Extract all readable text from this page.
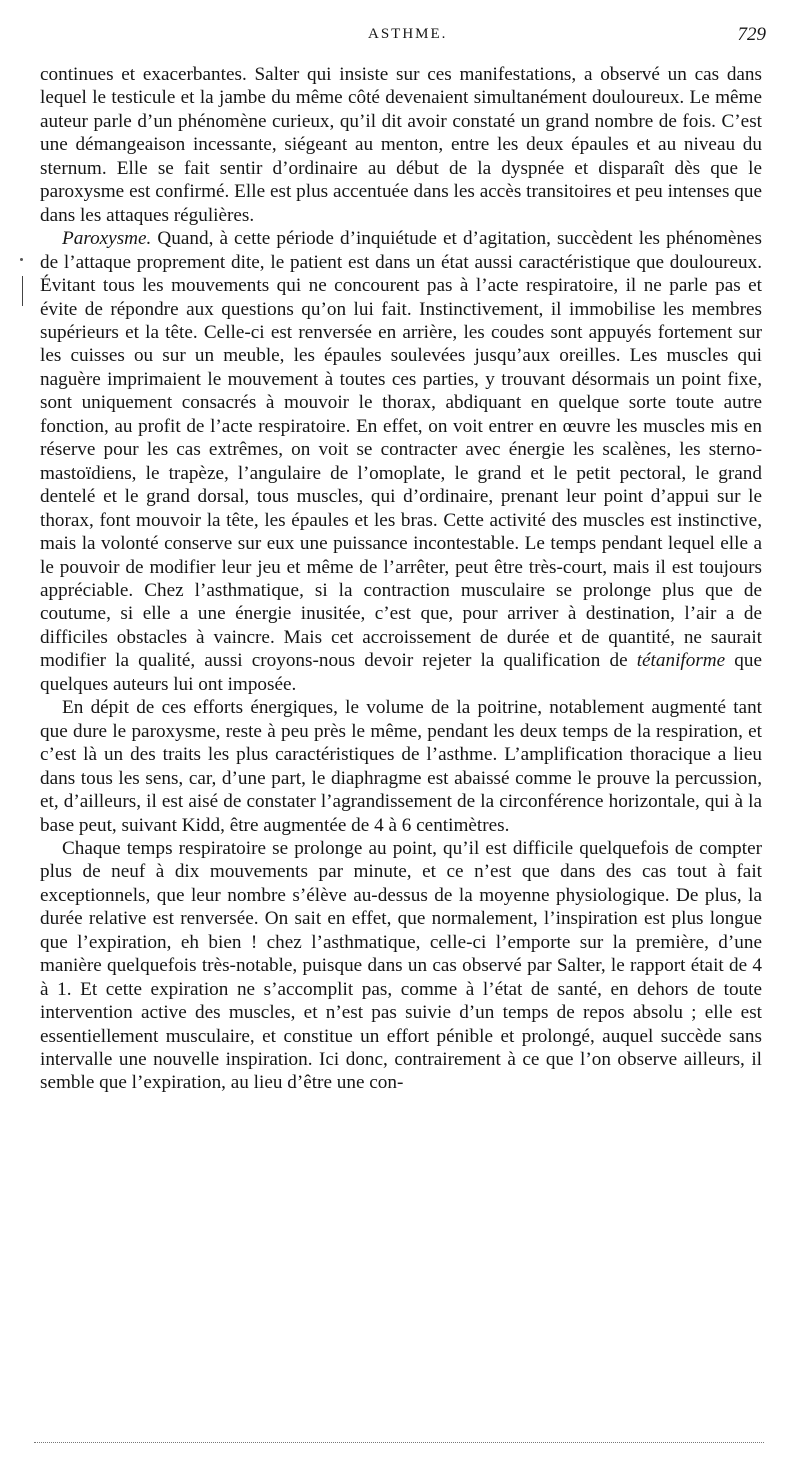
ASTHME.	729

continues et exacerbantes. Salter qui insiste sur ces manifestations, a observé un cas dans lequel le testicule et la jambe du même côté devenaient simultanément douloureux. Le même auteur parle d’un phénomène curieux, qu’il dit avoir constaté un grand nombre de fois. C’est une démangeaison incessante, siégeant au menton, entre les deux épaules et au niveau du sternum. Elle se fait sentir d’ordinaire au début de la dyspnée et disparaît dès que le paroxysme est confirmé. Elle est plus accentuée dans les accès transitoires et peu intenses que dans les attaques régulières.

Paroxysme. Quand, à cette période d’inquiétude et d’agitation, succèdent les phénomènes de l’attaque proprement dite, le patient est dans un état aussi caractéristique que douloureux. Évitant tous les mouvements qui ne concourent pas à l’acte respiratoire, il ne parle pas et évite de répondre aux questions qu’on lui fait. Instinctivement, il immobilise les membres supérieurs et la tête. Celle-ci est renversée en arrière, les coudes sont appuyés fortement sur les cuisses ou sur un meuble, les épaules soulevées jusqu’aux oreilles. Les muscles qui naguère imprimaient le mouvement à toutes ces parties, y trouvant désormais un point fixe, sont uniquement consacrés à mouvoir le thorax, abdiquant en quelque sorte toute autre fonction, au profit de l’acte respiratoire. En effet, on voit entrer en œuvre les muscles mis en réserve pour les cas extrêmes, on voit se contracter avec énergie les scalènes, les sterno-mastoïdiens, le trapèze, l’angulaire de l’omoplate, le grand et le petit pectoral, le grand dentelé et le grand dorsal, tous muscles, qui d’ordinaire, prenant leur point d’appui sur le thorax, font mouvoir la tête, les épaules et les bras. Cette activité des muscles est instinctive, mais la volonté conserve sur eux une puissance incontestable. Le temps pendant lequel elle a le pouvoir de modifier leur jeu et même de l’arrêter, peut être très-court, mais il est toujours appréciable. Chez l’asthmatique, si la contraction musculaire se prolonge plus que de coutume, si elle a une énergie inusitée, c’est que, pour arriver à destination, l’air a de difficiles obstacles à vaincre. Mais cet accroissement de durée et de quantité, ne saurait modifier la qualité, aussi croyons-nous devoir rejeter la qualification de tétaniforme que quelques auteurs lui ont imposée.

En dépit de ces efforts énergiques, le volume de la poitrine, notablement augmenté tant que dure le paroxysme, reste à peu près le même, pendant les deux temps de la respiration, et c’est là un des traits les plus caractéristiques de l’asthme. L’amplification thoracique a lieu dans tous les sens, car, d’une part, le diaphragme est abaissé comme le prouve la percussion, et, d’ailleurs, il est aisé de constater l’agrandissement de la circonférence horizontale, qui à la base peut, suivant Kidd, être augmentée de 4 à 6 centimètres.

Chaque temps respiratoire se prolonge au point, qu’il est difficile quelquefois de compter plus de neuf à dix mouvements par minute, et ce n’est que dans des cas tout à fait exceptionnels, que leur nombre s’élève au-dessus de la moyenne physiologique. De plus, la durée relative est renversée. On sait en effet, que normalement, l’inspiration est plus longue que l’expiration, eh bien ! chez l’asthmatique, celle-ci l’emporte sur la première, d’une manière quelquefois très-notable, puisque dans un cas observé par Salter, le rapport était de 4 à 1. Et cette expiration ne s’accomplit pas, comme à l’état de santé, en dehors de toute intervention active des muscles, et n’est pas suivie d’un temps de repos absolu ; elle est essentiellement musculaire, et constitue un effort pénible et prolongé, auquel succède sans intervalle une nouvelle inspiration. Ici donc, contrairement à ce que l’on observe ailleurs, il semble que l’expiration, au lieu d’être une con-
